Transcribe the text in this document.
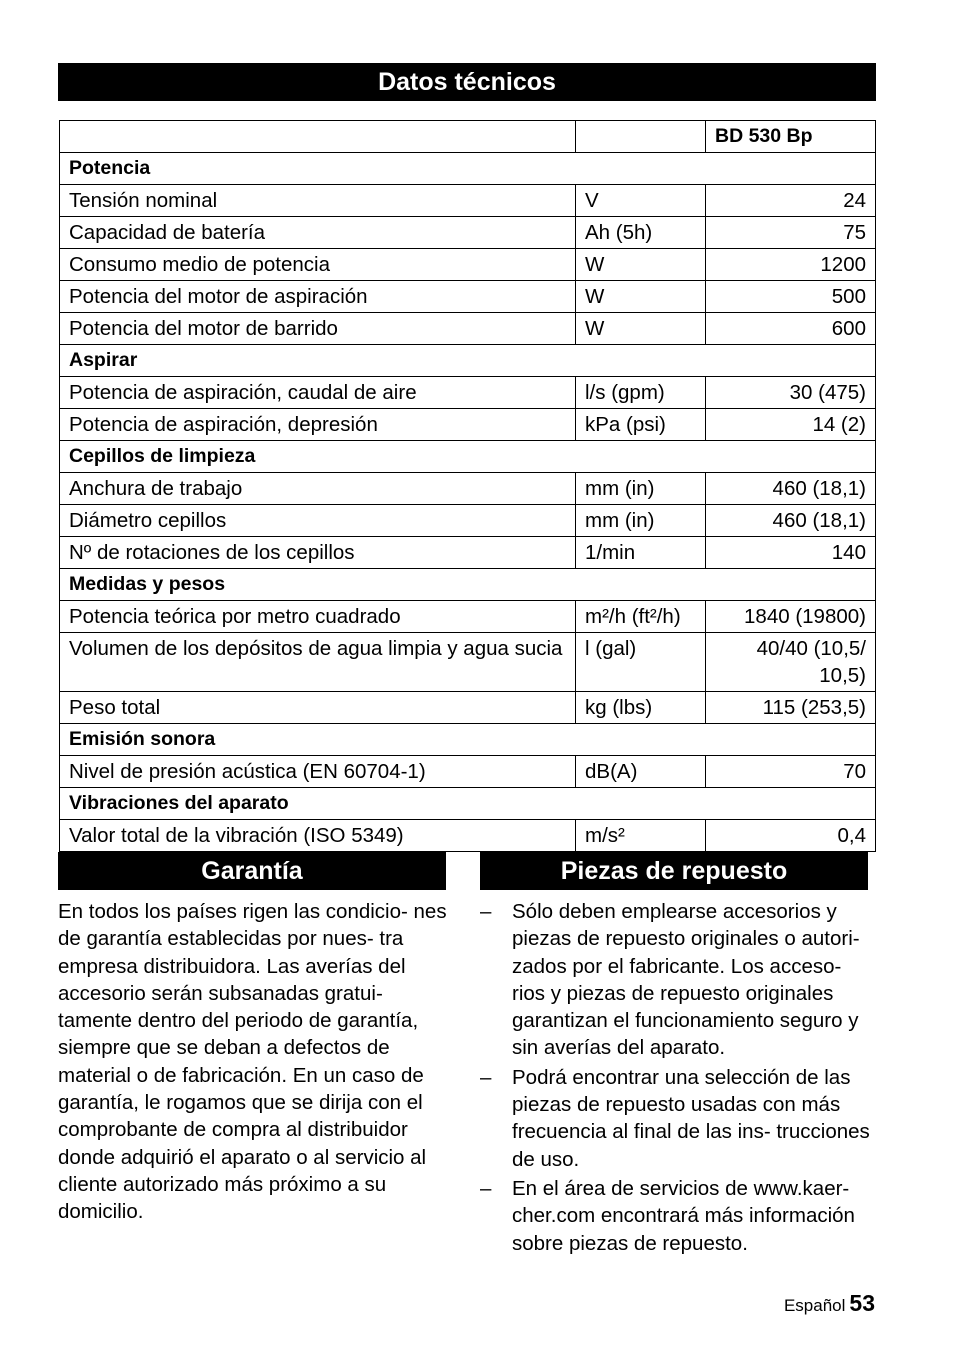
Datos técnicos
		BD 530 Bp
Potencia		
Tensión nominal	V	24
Capacidad de batería	Ah (5h)	75
Consumo medio de potencia	W	1200
Potencia del motor de aspiración	W	500
Potencia del motor de barrido	W	600
Aspirar		
Potencia de aspiración, caudal de aire	l/s (gpm)	30 (475)
Potencia de aspiración, depresión	kPa (psi)	14 (2)
Cepillos de limpieza		
Anchura de trabajo	mm (in)	460 (18,1)
Diámetro cepillos	mm (in)	460 (18,1)
Nº de rotaciones de los cepillos	1/min	140
Medidas y pesos		
Potencia teórica por metro cuadrado	m²/h (ft²/h)	1840 (19800)
Volumen de los depósitos de agua limpia y agua sucia	l (gal)	40/40 (10,5/ 10,5)
Peso total	kg (lbs)	115 (253,5)
Emisión sonora		
Nivel de presión acústica (EN 60704-1)	dB(A)	70
Vibraciones del aparato		
Valor total de la vibración (ISO 5349)	m/s²	0,4
Garantía	Piezas de repuesto
En todos los países rigen las condicio- nes de garantía establecidas por nues- tra empresa distribuidora. Las averías del accesorio serán subsanadas gratui- tamente dentro del periodo de garantía, siempre que se deban a defectos de material o de fabricación. En un caso de garantía, le rogamos que se dirija con el comprobante de compra al distribuidor donde adquirió el aparato o al servicio al cliente autorizado más próximo a su domicilio.
–	Sólo deben emplearse accesorios y piezas de repuesto originales o autori- zados por el fabricante. Los acceso- rios y piezas de repuesto originales garantizan el funcionamiento seguro y sin averías del aparato.
–	Podrá encontrar una selección de las piezas de repuesto usadas con más frecuencia al final de las ins- trucciones de uso.
–	En el área de servicios de www.kaer- cher.com encontrará más información sobre piezas de repuesto.
Español 53
